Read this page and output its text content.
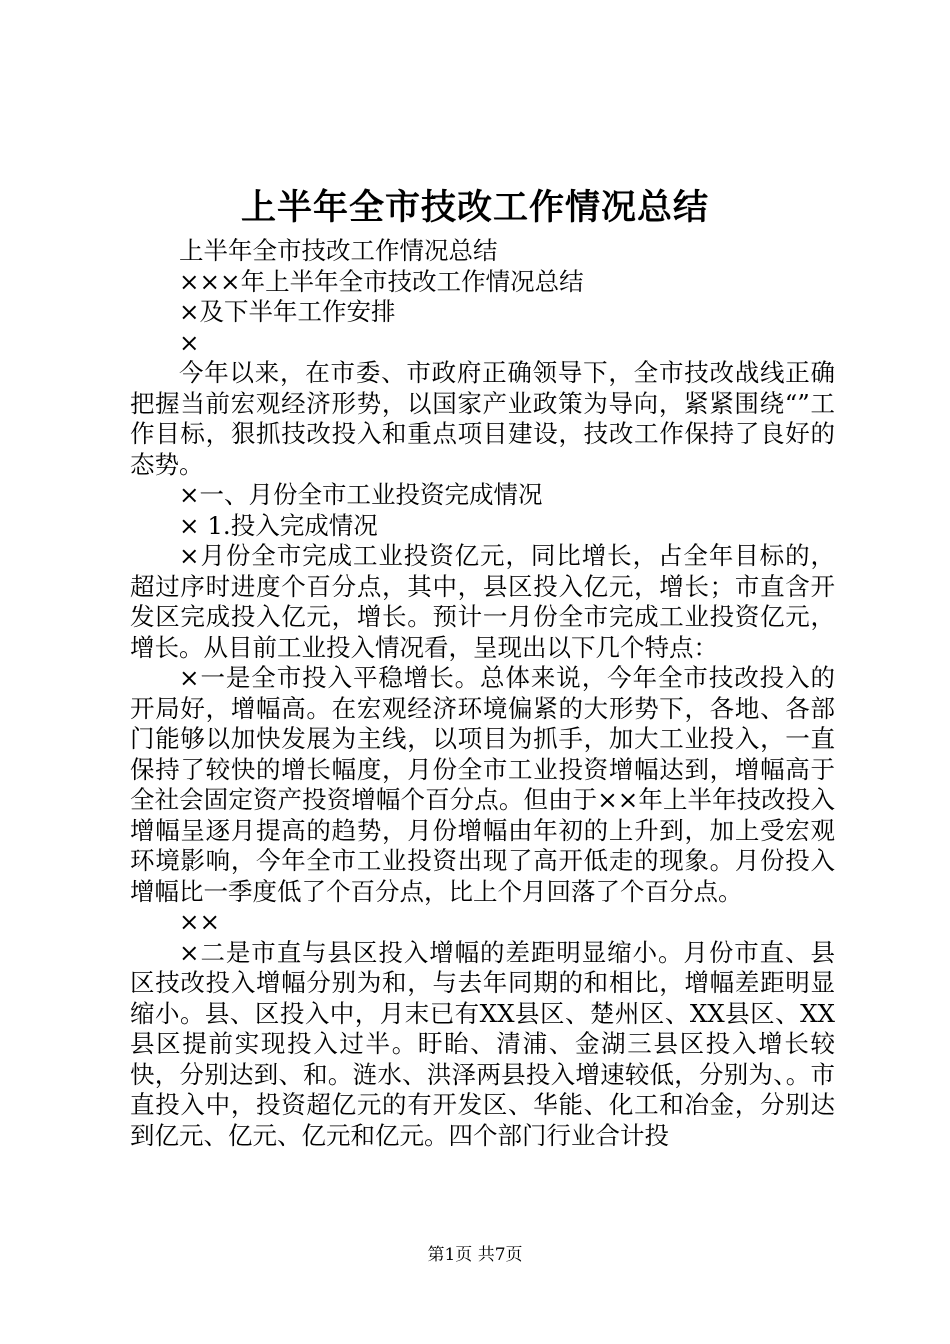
上半年全市技改工作情况总结

上半年全市技改工作情况总结

×××年上半年全市技改工作情况总结

×及下半年工作安排

×

今年以来，在市委、市政府正确领导下，全市技改战线正确把握当前宏观经济形势，以国家产业政策为导向，紧紧围绕“”工作目标，狠抓技改投入和重点项目建设，技改工作保持了良好的态势。

×一、月份全市工业投资完成情况

× 1.投入完成情况

×月份全市完成工业投资亿元，同比增长，占全年目标的，超过序时进度个百分点，其中，县区投入亿元，增长；市直含开发区完成投入亿元，增长。预计一月份全市完成工业投资亿元，增长。从目前工业投入情况看，呈现出以下几个特点：

×一是全市投入平稳增长。总体来说，今年全市技改投入的开局好，增幅高。在宏观经济环境偏紧的大形势下，各地、各部门能够以加快发展为主线，以项目为抓手，加大工业投入，一直保持了较快的增长幅度，月份全市工业投资增幅达到，增幅高于全社会固定资产投资增幅个百分点。但由于××年上半年技改投入增幅呈逐月提高的趋势，月份增幅由年初的上升到，加上受宏观环境影响，今年全市工业投资出现了高开低走的现象。月份投入增幅比一季度低了个百分点，比上个月回落了个百分点。

××

×二是市直与县区投入增幅的差距明显缩小。月份市直、县区技改投入增幅分别为和，与去年同期的和相比，增幅差距明显缩小。县、区投入中，月末已有XX县区、楚州区、XX县区、XX县区提前实现投入过半。盱眙、清浦、金湖三县区投入增长较快，分别达到、和。涟水、洪泽两县投入增速较低，分别为、。市直投入中，投资超亿元的有开发区、华能、化工和冶金，分别达到亿元、亿元、亿元和亿元。四个部门行业合计投

第1页 共7页
